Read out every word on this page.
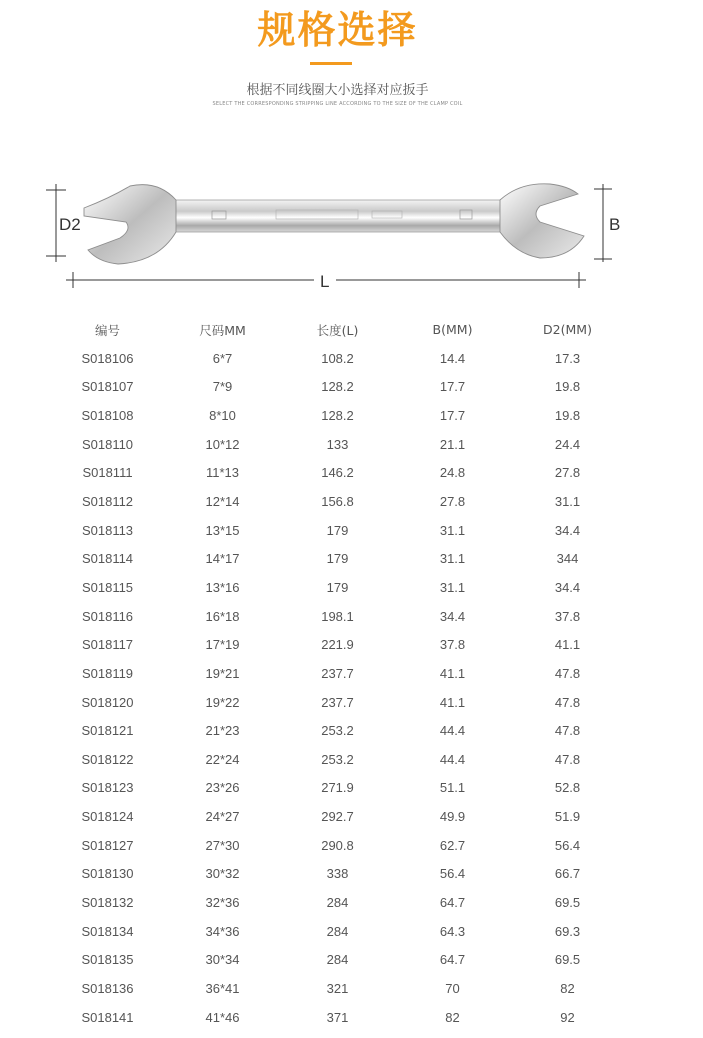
规格选择
根据不同线圈大小选择对应扳手
SELECT THE CORRESPONDING STRIPPING LINE ACCORDING TO THE SIZE OF THE CLAMP COIL
D2	B
L
编号	尺码MM	长度(L)	B(MM)	D2(MM)
S018106	6*7	108.2	14.4	17.3
S018107	7*9	128.2	17.7	19.8
S018108	8*10	128.2	17.7	19.8
S018110	10*12	133	21.1	24.4
S018111	11*13	146.2	24.8	27.8
S018112	12*14	156.8	27.8	31.1
S018113	13*15	179	31.1	34.4
S018114	14*17	179	31.1	344
S018115	13*16	179	31.1	34.4
S018116	16*18	198.1	34.4	37.8
S018117	17*19	221.9	37.8	41.1
S018119	19*21	237.7	41.1	47.8
S018120	19*22	237.7	41.1	47.8
S018121	21*23	253.2	44.4	47.8
S018122	22*24	253.2	44.4	47.8
S018123	23*26	271.9	51.1	52.8
S018124	24*27	292.7	49.9	51.9
S018127	27*30	290.8	62.7	56.4
S018130	30*32	338	56.4	66.7
S018132	32*36	284	64.7	69.5
S018134	34*36	284	64.3	69.3
S018135	30*34	284	64.7	69.5
S018136	36*41	321	70	82
S018141	41*46	371	82	92
